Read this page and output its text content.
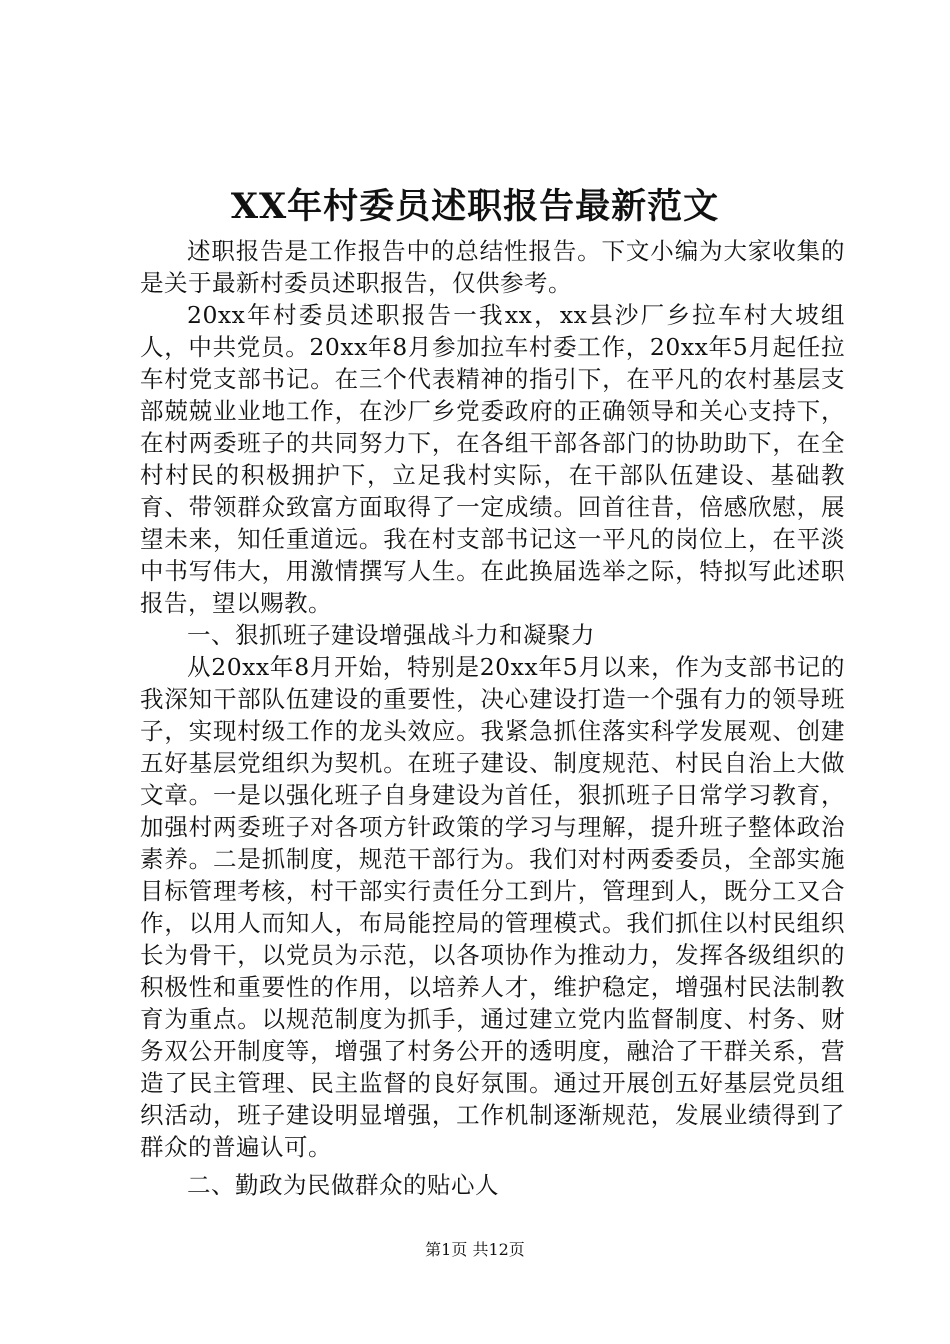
XX年村委员述职报告最新范文

述职报告是工作报告中的总结性报告。下文小编为大家收集的是关于最新村委员述职报告，仅供参考。

20xx年村委员述职报告一我xx，xx县沙厂乡拉车村大坡组人，中共党员。20xx年8月参加拉车村委工作，20xx年5月起任拉车村党支部书记。在三个代表精神的指引下，在平凡的农村基层支部兢兢业业地工作，在沙厂乡党委政府的正确领导和关心支持下，在村两委班子的共同努力下，在各组干部各部门的协助助下，在全村村民的积极拥护下，立足我村实际，在干部队伍建设、基础教育、带领群众致富方面取得了一定成绩。回首往昔，倍感欣慰，展望未来，知任重道远。我在村支部书记这一平凡的岗位上，在平淡中书写伟大，用激情撰写人生。在此换届选举之际，特拟写此述职报告，望以赐教。

一、狠抓班子建设增强战斗力和凝聚力

从20xx年8月开始，特别是20xx年5月以来，作为支部书记的我深知干部队伍建设的重要性，决心建设打造一个强有力的领导班子，实现村级工作的龙头效应。我紧急抓住落实科学发展观、创建五好基层党组织为契机。在班子建设、制度规范、村民自治上大做文章。一是以强化班子自身建设为首任，狠抓班子日常学习教育，加强村两委班子对各项方针政策的学习与理解，提升班子整体政治素养。二是抓制度，规范干部行为。我们对村两委委员，全部实施目标管理考核，村干部实行责任分工到片，管理到人，既分工又合作，以用人而知人，布局能控局的管理模式。我们抓住以村民组织长为骨干，以党员为示范，以各项协作为推动力，发挥各级组织的积极性和重要性的作用，以培养人才，维护稳定，增强村民法制教育为重点。以规范制度为抓手，通过建立党内监督制度、村务、财务双公开制度等，增强了村务公开的透明度，融洽了干群关系，营造了民主管理、民主监督的良好氛围。通过开展创五好基层党员组织活动，班子建设明显增强，工作机制逐渐规范，发展业绩得到了群众的普遍认可。

二、勤政为民做群众的贴心人

第1页 共12页
